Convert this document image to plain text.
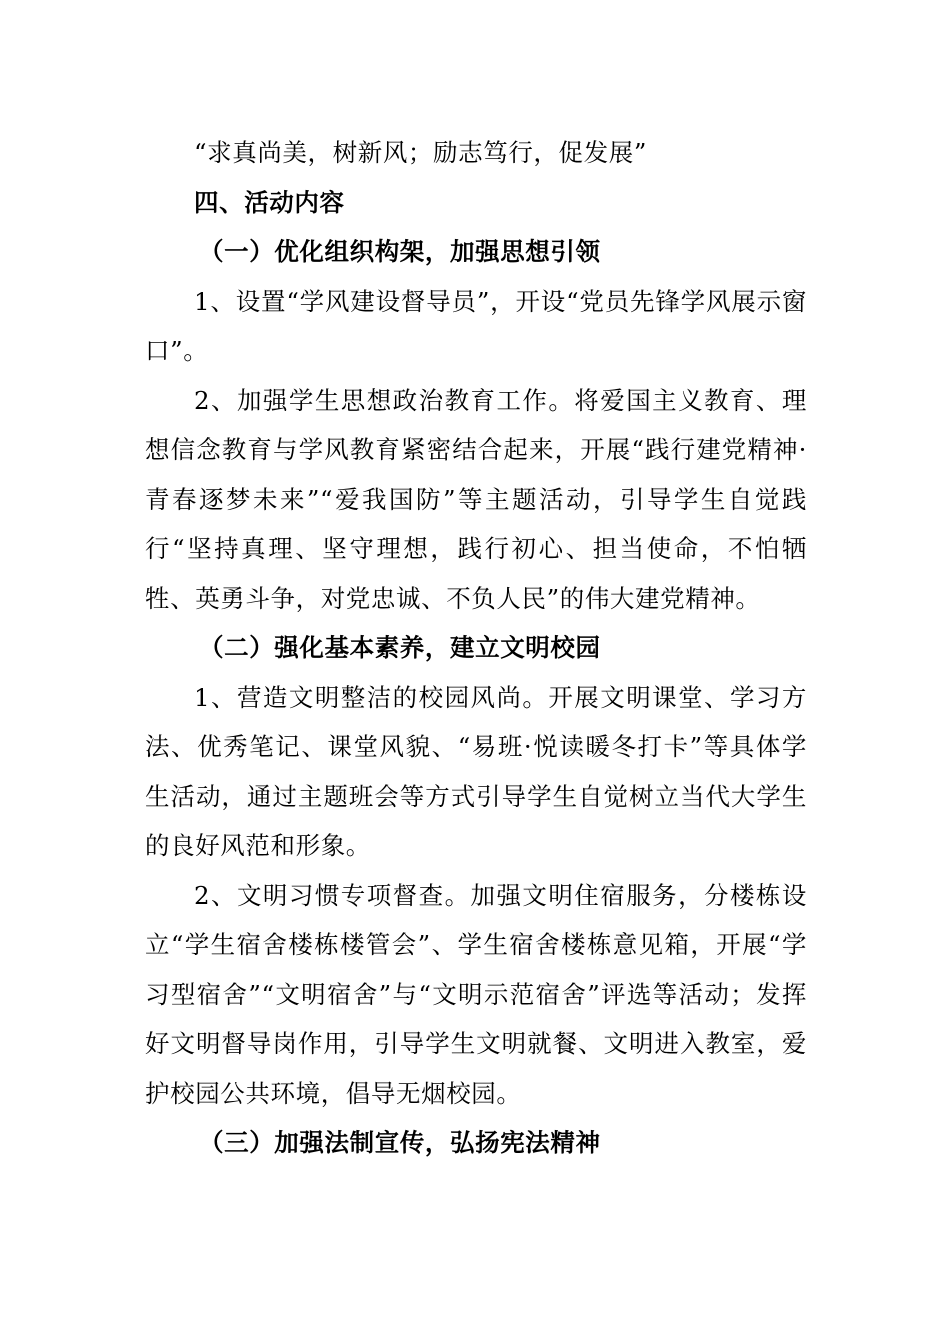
“求真尚美，树新风；励志笃行，促发展”

四、活动内容

（一）优化组织构架，加强思想引领

1、设置“学风建设督导员”，开设“党员先锋学风展示窗口”。

2、加强学生思想政治教育工作。将爱国主义教育、理想信念教育与学风教育紧密结合起来，开展“践行建党精神·青春逐梦未来”“爱我国防”等主题活动，引导学生自觉践行“坚持真理、坚守理想，践行初心、担当使命，不怕牺牲、英勇斗争，对党忠诚、不负人民”的伟大建党精神。

（二）强化基本素养，建立文明校园

1、营造文明整洁的校园风尚。开展文明课堂、学习方法、优秀笔记、课堂风貌、“易班·悦读暖冬打卡”等具体学生活动，通过主题班会等方式引导学生自觉树立当代大学生的良好风范和形象。

2、文明习惯专项督查。加强文明住宿服务，分楼栋设立“学生宿舍楼栋楼管会”、学生宿舍楼栋意见箱，开展“学习型宿舍”“文明宿舍”与“文明示范宿舍”评选等活动；发挥好文明督导岗作用，引导学生文明就餐、文明进入教室，爱护校园公共环境，倡导无烟校园。

（三）加强法制宣传，弘扬宪法精神
